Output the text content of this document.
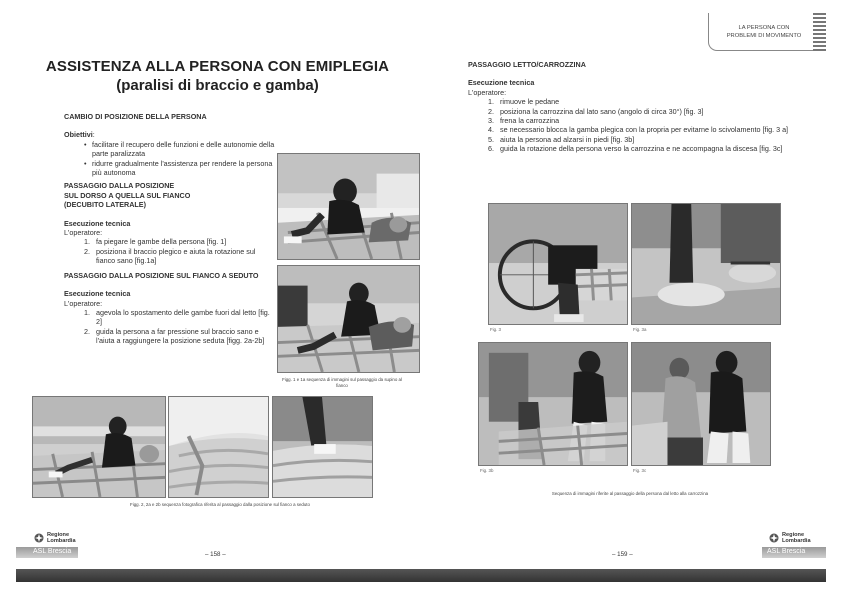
ASSISTENZA ALLA PERSONA CON EMIPLEGIA
(paralisi di braccio e gamba)
CAMBIO DI POSIZIONE DELLA PERSONA
Obiettivi:
• facilitare il recupero delle funzioni e delle autonomie della parte paralizzata
• ridurre gradualmente l'assistenza per rendere la persona più autonoma
PASSAGGIO DALLA POSIZIONE
SUL DORSO A QUELLA SUL FIANCO
(DECUBITO LATERALE)
Esecuzione tecnica
L'operatore:
1. fa piegare le gambe della persona [fig. 1]
2. posiziona il braccio plegico e aiuta la rotazione sul fianco sano [fig.1a]
PASSAGGIO DALLA POSIZIONE SUL FIANCO A SEDUTO
Esecuzione tecnica
L'operatore:
1. agevola lo spostamento delle gambe fuori dal letto [fig. 2]
2. guida la persona a far pressione sul braccio sano e l'aiuta a raggiungere la posizione seduta [figg. 2a-2b]
Figg. 1 e 1a sequenza di immagini sul passaggio da supino al fianco
Figg. 2, 2a e 2b sequenza fotografica riferita al passaggio dalla posizione sul fianco a seduto
Regione
Lombardia
ASL Brescia	– 158 –
LA PERSONA CON
PROBLEMI DI MOVIMENTO
PASSAGGIO LETTO/CARROZZINA
Esecuzione tecnica
L'operatore:
1. rimuove le pedane
2. posiziona la carrozzina dal lato sano (angolo di circa 30°) [fig. 3]
3. frena la carrozzina
4. se necessario blocca la gamba plegica con la propria per evitarne lo scivolamento [fig. 3 a]
5. aiuta la persona ad alzarsi in piedi [fig. 3b]
6. guida la rotazione della persona verso la carrozzina e ne accompagna la discesa [fig. 3c]
Fig. 3	Fig. 3a
Fig. 3b	Fig. 3c
Sequenza di immagini riferite al passaggio della persona dal letto alla carrozzina
Regione
Lombardia
ASL Brescia
– 159 –
